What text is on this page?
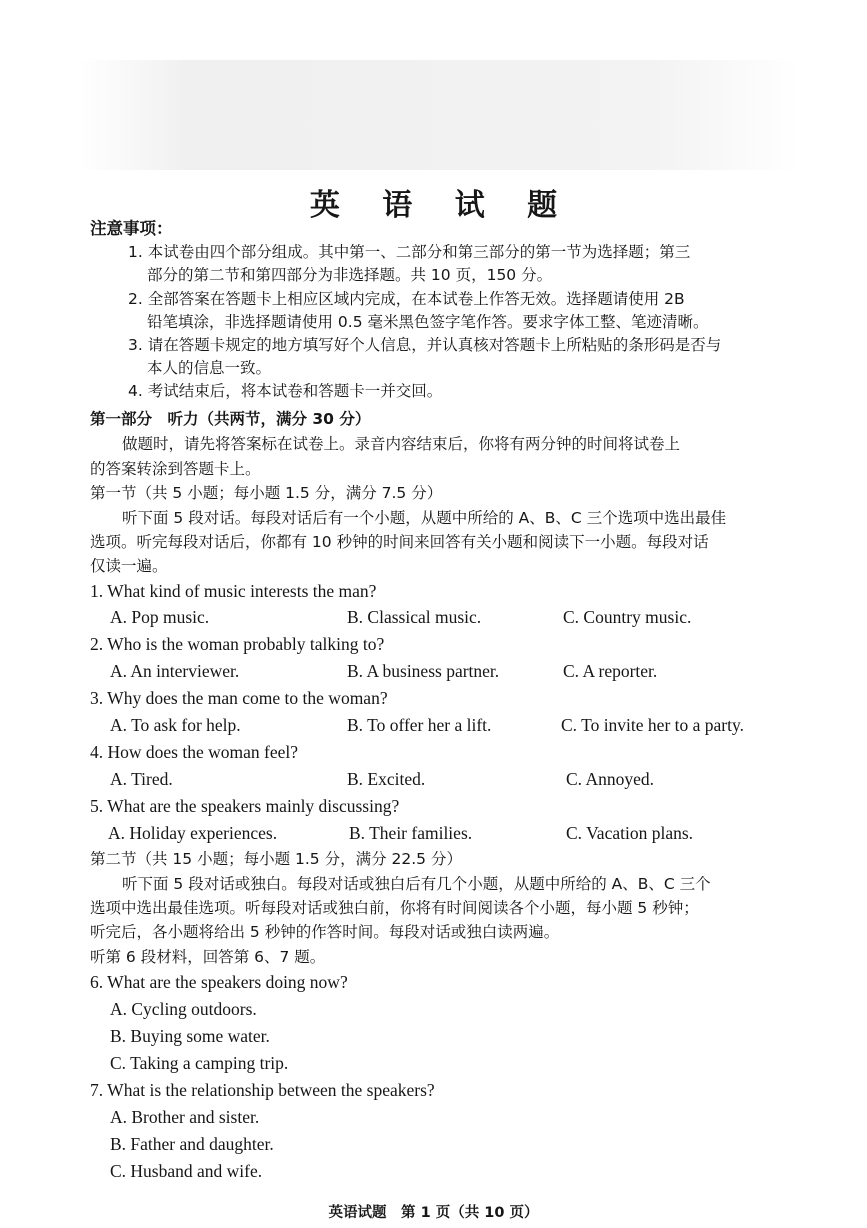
英 语 试 题
注意事项：
1. 本试卷由四个部分组成。其中第一、二部分和第三部分的第一节为选择题；第三
部分的第二节和第四部分为非选择题。共 10 页，150 分。
2. 全部答案在答题卡上相应区域内完成，在本试卷上作答无效。选择题请使用 2B
铅笔填涂，非选择题请使用 0.5 毫米黑色签字笔作答。要求字体工整、笔迹清晰。
3. 请在答题卡规定的地方填写好个人信息，并认真核对答题卡上所粘贴的条形码是否与
本人的信息一致。
4. 考试结束后，将本试卷和答题卡一并交回。
第一部分　听力（共两节，满分 30 分）
做题时，请先将答案标在试卷上。录音内容结束后，你将有两分钟的时间将试卷上
的答案转涂到答题卡上。
第一节（共 5 小题；每小题 1.5 分，满分 7.5 分）
听下面 5 段对话。每段对话后有一个小题，从题中所给的 A、B、C 三个选项中选出最佳
选项。听完每段对话后，你都有 10 秒钟的时间来回答有关小题和阅读下一小题。每段对话
仅读一遍。
1. What kind of music interests the man?
A. Pop music.	B. Classical music.	C. Country music.
2. Who is the woman probably talking to?
A. An interviewer.	B. A business partner.	C. A reporter.
3. Why does the man come to the woman?
A. To ask for help.	B. To offer her a lift.	C. To invite her to a party.
4. How does the woman feel?
A. Tired.	B. Excited.	C. Annoyed.
5. What are the speakers mainly discussing?
A. Holiday experiences.	B. Their families.	C. Vacation plans.
第二节（共 15 小题；每小题 1.5 分，满分 22.5 分）
听下面 5 段对话或独白。每段对话或独白后有几个小题，从题中所给的 A、B、C 三个
选项中选出最佳选项。听每段对话或独白前，你将有时间阅读各个小题，每小题 5 秒钟；
听完后，各小题将给出 5 秒钟的作答时间。每段对话或独白读两遍。
听第 6 段材料，回答第 6、7 题。
6. What are the speakers doing now?
A. Cycling outdoors.
B. Buying some water.
C. Taking a camping trip.
7. What is the relationship between the speakers?
A. Brother and sister.
B. Father and daughter.
C. Husband and wife.
英语试题　第 1 页（共 10 页）
